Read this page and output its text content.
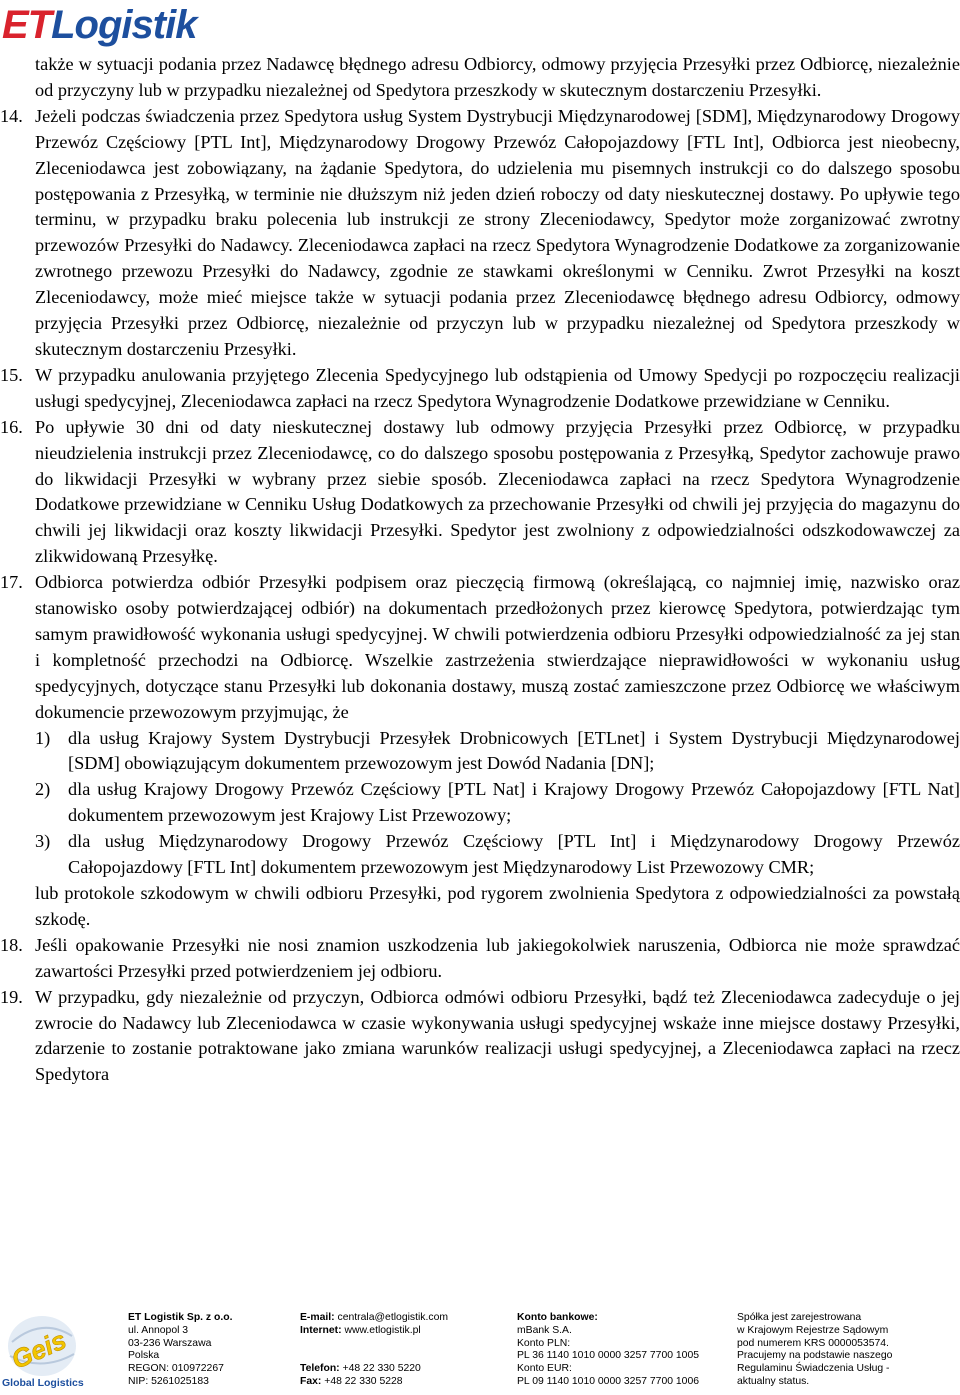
ETLogistik

także w sytuacji podania przez Nadawcę błędnego adresu Odbiorcy, odmowy przyjęcia Przesyłki przez Odbiorcę, niezależnie od przyczyny lub w przypadku niezależnej od Spedytora przeszkody w skutecznym dostarczeniu Przesyłki.

14. Jeżeli podczas świadczenia przez Spedytora usług System Dystrybucji Międzynarodowej [SDM], Międzynarodowy Drogowy Przewóz Częściowy [PTL Int], Międzynarodowy Drogowy Przewóz Całopojazdowy [FTL Int], Odbiorca jest nieobecny, Zleceniodawca jest zobowiązany, na żądanie Spedytora, do udzielenia mu pisemnych instrukcji co do dalszego sposobu postępowania z Przesyłką, w terminie nie dłuższym niż jeden dzień roboczy od daty nieskutecznej dostawy. Po upływie tego terminu, w przypadku braku polecenia lub instrukcji ze strony Zleceniodawcy, Spedytor może zorganizować zwrotny przewozów Przesyłki do Nadawcy. Zleceniodawca zapłaci na rzecz Spedytora Wynagrodzenie Dodatkowe za zorganizowanie zwrotnego przewozu Przesyłki do Nadawcy, zgodnie ze stawkami określonymi w Cenniku. Zwrot Przesyłki na koszt Zleceniodawcy, może mieć miejsce także w sytuacji podania przez Zleceniodawcę błędnego adresu Odbiorcy, odmowy przyjęcia Przesyłki przez Odbiorcę, niezależnie od przyczyn lub w przypadku niezależnej od Spedytora przeszkody w skutecznym dostarczeniu Przesyłki.

15. W przypadku anulowania przyjętego Zlecenia Spedycyjnego lub odstąpienia od Umowy Spedycji po rozpoczęciu realizacji usługi spedycyjnej, Zleceniodawca zapłaci na rzecz Spedytora Wynagrodzenie Dodatkowe przewidziane w Cenniku.

16. Po upływie 30 dni od daty nieskutecznej dostawy lub odmowy przyjęcia Przesyłki przez Odbiorcę, w przypadku nieudzielenia instrukcji przez Zleceniodawcę, co do dalszego sposobu postępowania z Przesyłką, Spedytor zachowuje prawo do likwidacji Przesyłki w wybrany przez siebie sposób. Zleceniodawca zapłaci na rzecz Spedytora Wynagrodzenie Dodatkowe przewidziane w Cenniku Usług Dodatkowych za przechowanie Przesyłki od chwili jej przyjęcia do magazynu do chwili jej likwidacji oraz koszty likwidacji Przesyłki. Spedytor jest zwolniony z odpowiedzialności odszkodowawczej za zlikwidowaną Przesyłkę.

17. Odbiorca potwierdza odbiór Przesyłki podpisem oraz pieczęcią firmową (określającą, co najmniej imię, nazwisko oraz stanowisko osoby potwierdzającej odbiór) na dokumentach przedłożonych przez kierowcę Spedytora, potwierdzając tym samym prawidłowość wykonania usługi spedycyjnej. W chwili potwierdzenia odbioru Przesyłki odpowiedzialność za jej stan i kompletność przechodzi na Odbiorcę. Wszelkie zastrzeżenia stwierdzające nieprawidłowości w wykonaniu usług spedycyjnych, dotyczące stanu Przesyłki lub dokonania dostawy, muszą zostać zamieszczone przez Odbiorcę we właściwym dokumencie przewozowym przyjmując, że

1) dla usług Krajowy System Dystrybucji Przesyłek Drobnicowych [ETLnet] i System Dystrybucji Międzynarodowej [SDM] obowiązującym dokumentem przewozowym jest Dowód Nadania [DN];

2) dla usług Krajowy Drogowy Przewóz Częściowy [PTL Nat] i Krajowy Drogowy Przewóz Całopojazdowy [FTL Nat] dokumentem przewozowym jest Krajowy List Przewozowy;

3) dla usług Międzynarodowy Drogowy Przewóz Częściowy [PTL Int] i Międzynarodowy Drogowy Przewóz Całopojazdowy [FTL Int] dokumentem przewozowym jest Międzynarodowy List Przewozowy CMR;

lub protokole szkodowym w chwili odbioru Przesyłki, pod rygorem zwolnienia Spedytora z odpowiedzialności za powstałą szkodę.

18. Jeśli opakowanie Przesyłki nie nosi znamion uszkodzenia lub jakiegokolwiek naruszenia, Odbiorca nie może sprawdzać zawartości Przesyłki przed potwierdzeniem jej odbioru.

19. W przypadku, gdy niezależnie od przyczyn, Odbiorca odmówi odbioru Przesyłki, bądź też Zleceniodawca zadecyduje o jej zwrocie do Nadawcy lub Zleceniodawca w czasie wykonywania usługi spedycyjnej wskaże inne miejsce dostawy Przesyłki, zdarzenie to zostanie potraktowane jako zmiana warunków realizacji usługi spedycyjnej, a Zleceniodawca zapłaci na rzecz Spedytora

Geis
Global Logistics
ET Logistik Sp. z o.o.
ul. Annopol 3
03-236 Warszawa
Polska
REGON: 010972267
NIP: 5261025183
E-mail: centrala@etlogistik.com
Internet: www.etlogistik.pl

Telefon: +48 22 330 5220
Fax: +48 22 330 5228
Konto bankowe:
mBank S.A.
Konto PLN:
PL 36 1140 1010 0000 3257 7700 1005
Konto EUR:
PL 09 1140 1010 0000 3257 7700 1006
Spółka jest zarejestrowana
w Krajowym Rejestrze Sądowym
pod numerem KRS 0000053574.
Pracujemy na podstawie naszego
Regulaminu Świadczenia Usług -
aktualny status.
